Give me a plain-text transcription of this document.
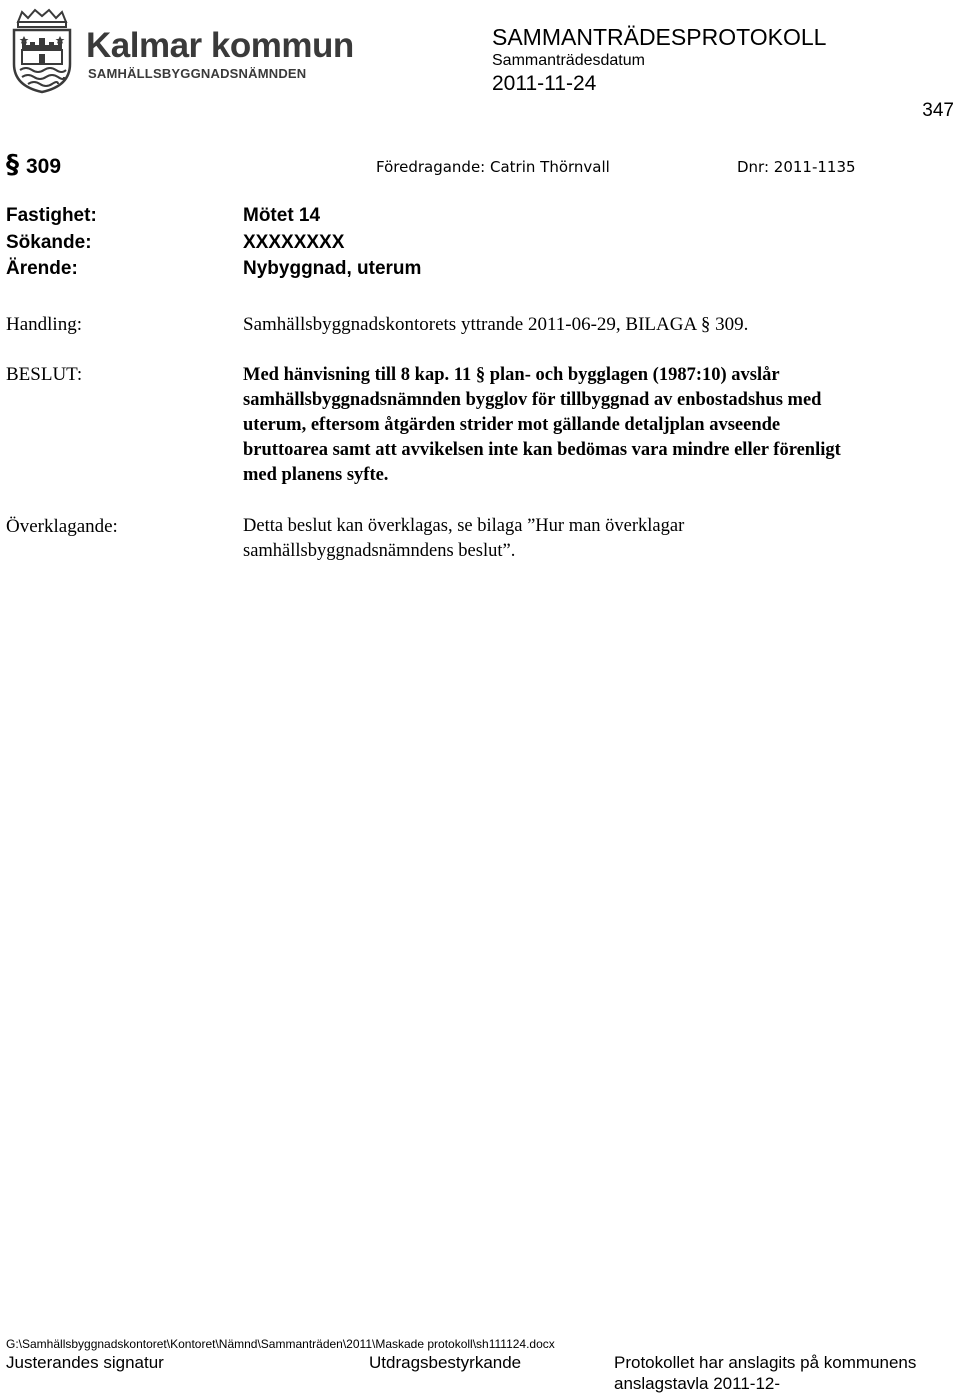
Kalmar kommun
SAMHÄLLSBYGGNADSNÄMNDEN
SAMMANTRÄDESPROTOKOLL
Sammanträdesdatum
2011-11-24
347
§ 309	Föredragande: Catrin Thörnvall	Dnr: 2011-1135
Fastighet:	Mötet 14
Sökande:	XXXXXXXX
Ärende:	Nybyggnad, uterum
Handling:	Samhällsbyggnadskontorets yttrande 2011-06-29, BILAGA § 309.
BESLUT:	Med hänvisning till 8 kap. 11 § plan- och bygglagen (1987:10) avslår
samhällsbyggnadsnämnden bygglov för tillbyggnad av enbostadshus med
uterum, eftersom åtgärden strider mot gällande detaljplan avseende
bruttoarea samt att avvikelsen inte kan bedömas vara mindre eller förenligt
med planens syfte.
Överklagande:	Detta beslut kan överklagas, se bilaga ”Hur man överklagar
samhällsbyggnadsnämndens beslut”.
G:\Samhällsbyggnadskontoret\Kontoret\Nämnd\Sammanträden\2011\Maskade protokoll\sh111124.docx
Justerandes signatur	Utdragsbestyrkande	Protokollet har anslagits på kommunens
anslagstavla 2011-12-
